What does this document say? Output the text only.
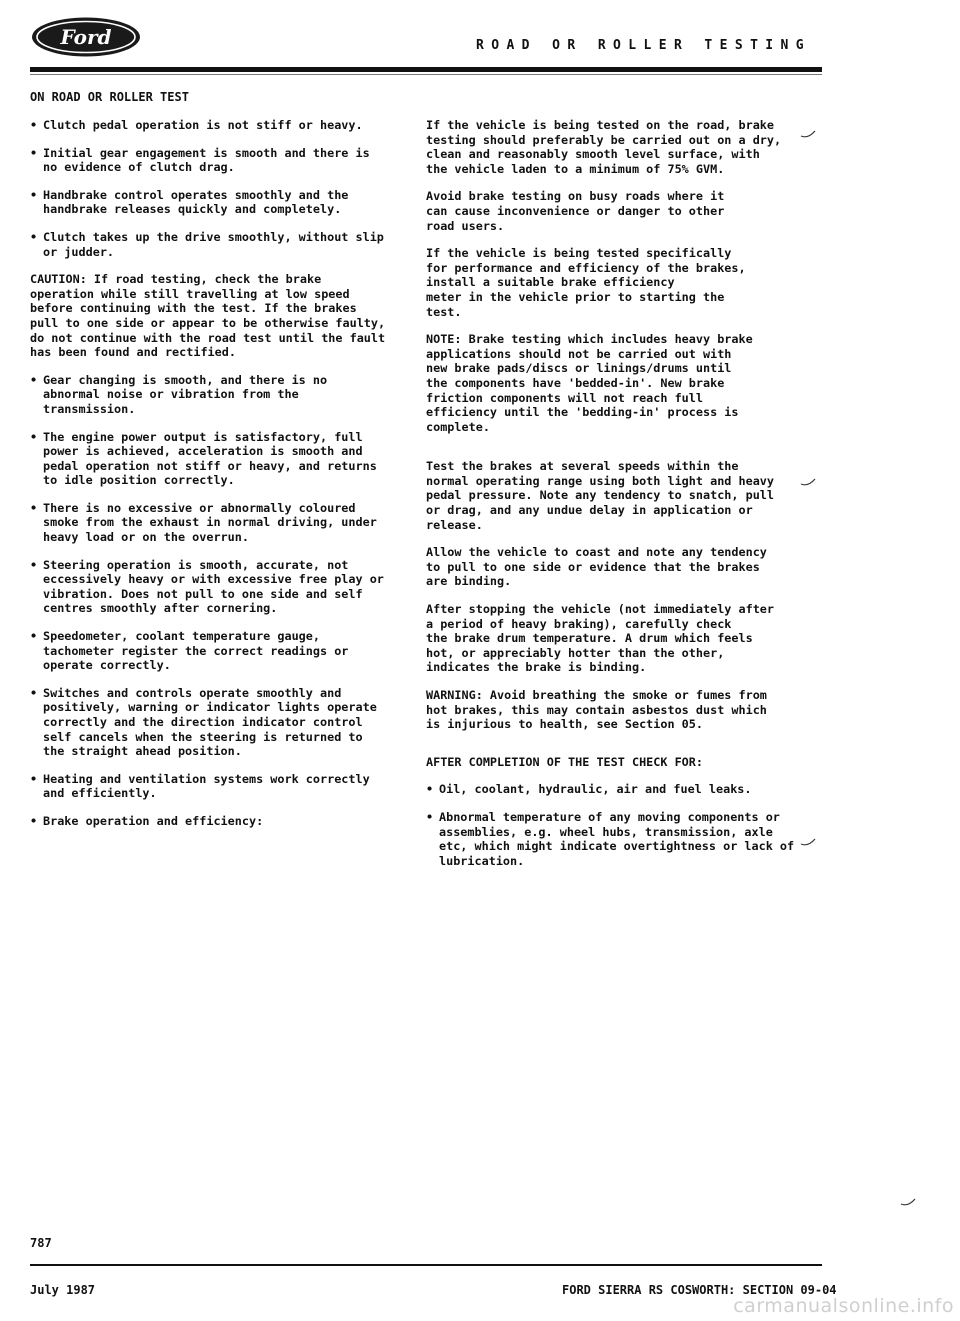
Ford	ROAD OR ROLLER TESTING
ON ROAD OR ROLLER TEST
• Clutch pedal operation is not stiff or heavy.
• Initial gear engagement is smooth and there is
no evidence of clutch drag.
• Handbrake control operates smoothly and the
handbrake releases quickly and completely.
• Clutch takes up the drive smoothly, without slip
or judder.

CAUTION: If road testing, check the brake
operation while still travelling at low speed
before continuing with the test. If the brakes
pull to one side or appear to be otherwise faulty,
do not continue with the road test until the fault
has been found and rectified.

• Gear changing is smooth, and there is no
abnormal noise or vibration from the
transmission.
• The engine power output is satisfactory, full
power is achieved, acceleration is smooth and
pedal operation not stiff or heavy, and returns
to idle position correctly.
• There is no excessive or abnormally coloured
smoke from the exhaust in normal driving, under
heavy load or on the overrun.
• Steering operation is smooth, accurate, not
eccessively heavy or with excessive free play or
vibration. Does not pull to one side and self
centres smoothly after cornering.
• Speedometer, coolant temperature gauge,
tachometer register the correct readings or
operate correctly.
• Switches and controls operate smoothly and
positively, warning or indicator lights operate
correctly and the direction indicator control
self cancels when the steering is returned to
the straight ahead position.
• Heating and ventilation systems work correctly
and efficiently.
• Brake operation and efficiency:

If the vehicle is being tested on the road, brake
testing should preferably be carried out on a dry,
clean and reasonably smooth level surface, with
the vehicle laden to a minimum of 75% GVM.

Avoid brake testing on busy roads where it
can cause inconvenience or danger to other
road users.

If the vehicle is being tested specifically
for performance and efficiency of the brakes,
install a suitable brake efficiency
meter in the vehicle prior to starting the
test.

NOTE: Brake testing which includes heavy brake
applications should not be carried out with
new brake pads/discs or linings/drums until
the components have 'bedded-in'. New brake
friction components will not reach full
efficiency until the 'bedding-in' process is
complete.

Test the brakes at several speeds within the
normal operating range using both light and heavy
pedal pressure. Note any tendency to snatch, pull
or drag, and any undue delay in application or
release.

Allow the vehicle to coast and note any tendency
to pull to one side or evidence that the brakes
are binding.

After stopping the vehicle (not immediately after
a period of heavy braking), carefully check
the brake drum temperature. A drum which feels
hot, or appreciably hotter than the other,
indicates the brake is binding.

WARNING: Avoid breathing the smoke or fumes from
hot brakes, this may contain asbestos dust which
is injurious to health, see Section 05.

AFTER COMPLETION OF THE TEST CHECK FOR:

• Oil, coolant, hydraulic, air and fuel leaks.
• Abnormal temperature of any moving components or
assemblies, e.g. wheel hubs, transmission, axle
etc, which might indicate overtightness or lack of
lubrication.
787
July 1987	FORD SIERRA RS COSWORTH: SECTION 09-04
carmanualsonline.info
